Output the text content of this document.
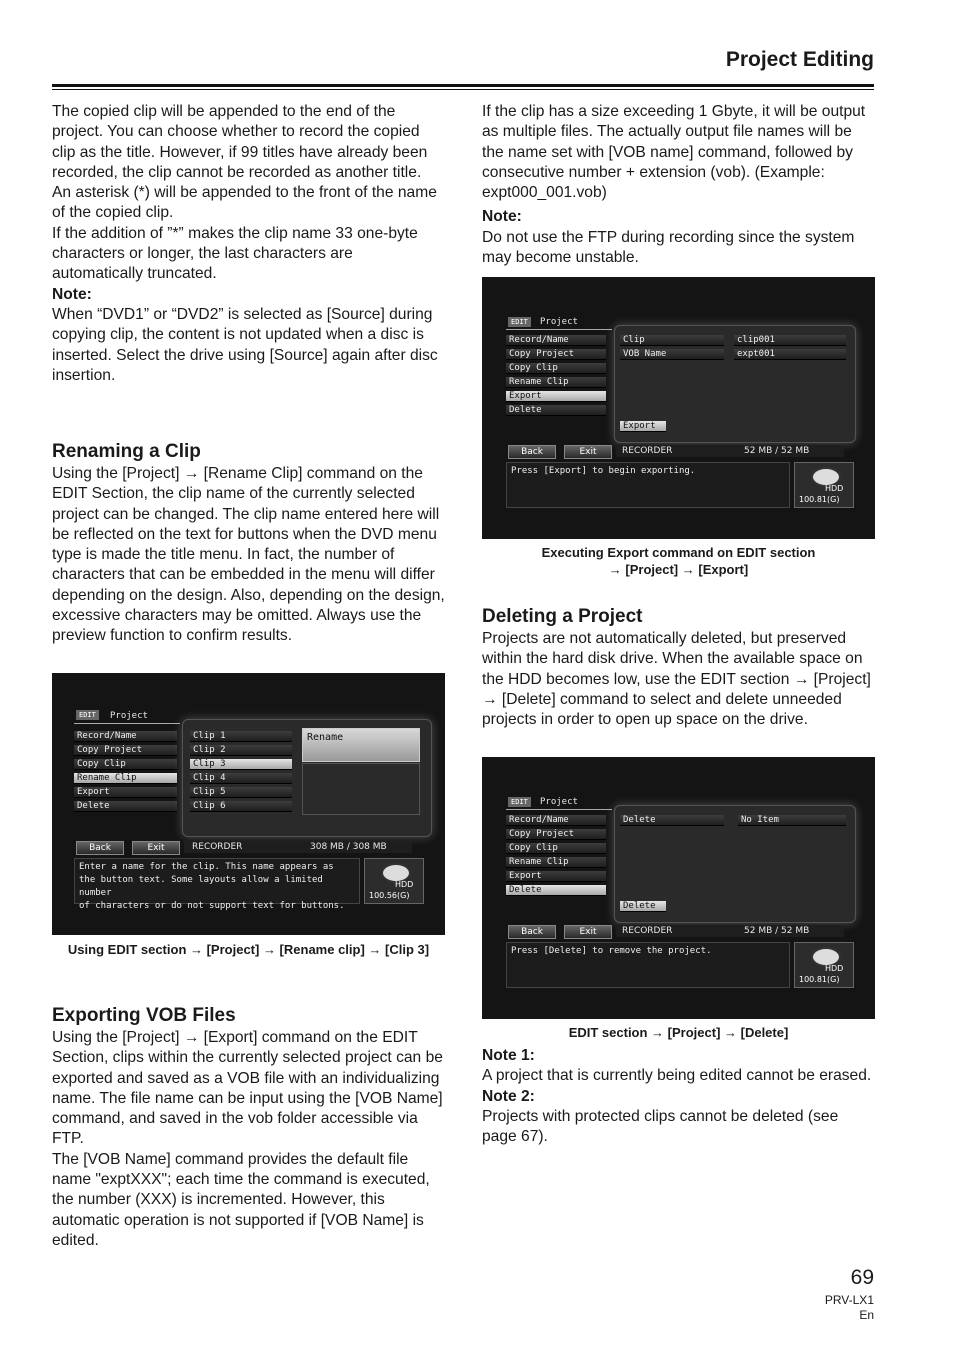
Project Editing

The copied clip will be appended to the end of the project. You can choose whether to record the copied clip as the title. However, if 99 titles have already been recorded, the clip cannot be recorded as another title.

An asterisk (*) will be appended to the front of the name of the copied clip.

If the addition of ”*” makes the clip name 33 one-byte characters or longer, the last characters are automatically truncated.

Note:

When “DVD1” or “DVD2” is selected as [Source] during copying clip, the content is not updated when a disc is inserted. Select the drive using [Source] again after disc insertion.

Renaming a Clip

Using the [Project] → [Rename Clip] command on the EDIT Section, the clip name of the currently selected project can be changed. The clip name entered here will be reflected on the text for buttons when the DVD menu type is made the title menu. In fact, the number of characters that can be embedded in the menu will differ depending on the design. Also, depending on the design, excessive characters may be omitted. Always use the preview function to confirm results.

EDIT	Project
Record/Name
Copy Project
Copy Clip
Rename Clip
Export
Delete
Clip 1
Clip 2
Clip 3
Clip 4
Clip 5
Clip 6
Rename
Back	Exit	RECORDER	308 MB / 308 MB
Enter a name for the clip. This name appears as
the button text. Some layouts allow a limited number
of characters or do not support text for buttons.
HDD
100.56(G)
Using EDIT section → [Project] → [Rename clip] → [Clip 3]
Exporting VOB Files

Using the [Project] → [Export] command on the EDIT Section, clips within the currently selected project can be exported and saved as a VOB file with an individualizing name. The file name can be input using the [VOB Name] command, and saved in the vob folder accessible via FTP.

The [VOB Name] command provides the default file name "exptXXX"; each time the command is executed, the number (XXX) is incremented. However, this automatic operation is not supported if [VOB Name] is edited.

If the clip has a size exceeding 1 Gbyte, it will be output as multiple files. The actually output file names will be the name set with [VOB name] command, followed by consecutive number + extension (vob). (Example: expt000_001.vob)

Note:

Do not use the FTP during recording since the system may become unstable.

EDIT	Project
Record/Name
Copy Project
Copy Clip
Rename Clip
Export
Delete
Clip	clip001
VOB Name	expt001
Export
Back	Exit	RECORDER	52 MB / 52 MB
Press [Export] to begin exporting.
HDD
100.81(G)
Executing Export command on EDIT section
→ [Project] → [Export]
Deleting a Project

Projects are not automatically deleted, but preserved within the hard disk drive. When the available space on the HDD becomes low, use the EDIT section → [Project] → [Delete] command to select and delete unneeded projects in order to open up space on the drive.

EDIT	Project
Record/Name
Copy Project
Copy Clip
Rename Clip
Export
Delete
Delete	No Item
Delete
Back	Exit	RECORDER	52 MB / 52 MB
Press [Delete] to remove the project.
HDD
100.81(G)
EDIT section → [Project] → [Delete]

Note 1:

A project that is currently being edited cannot be erased.

Note 2:

Projects with protected clips cannot be deleted (see page 67).

69
PRV-LX1
En
